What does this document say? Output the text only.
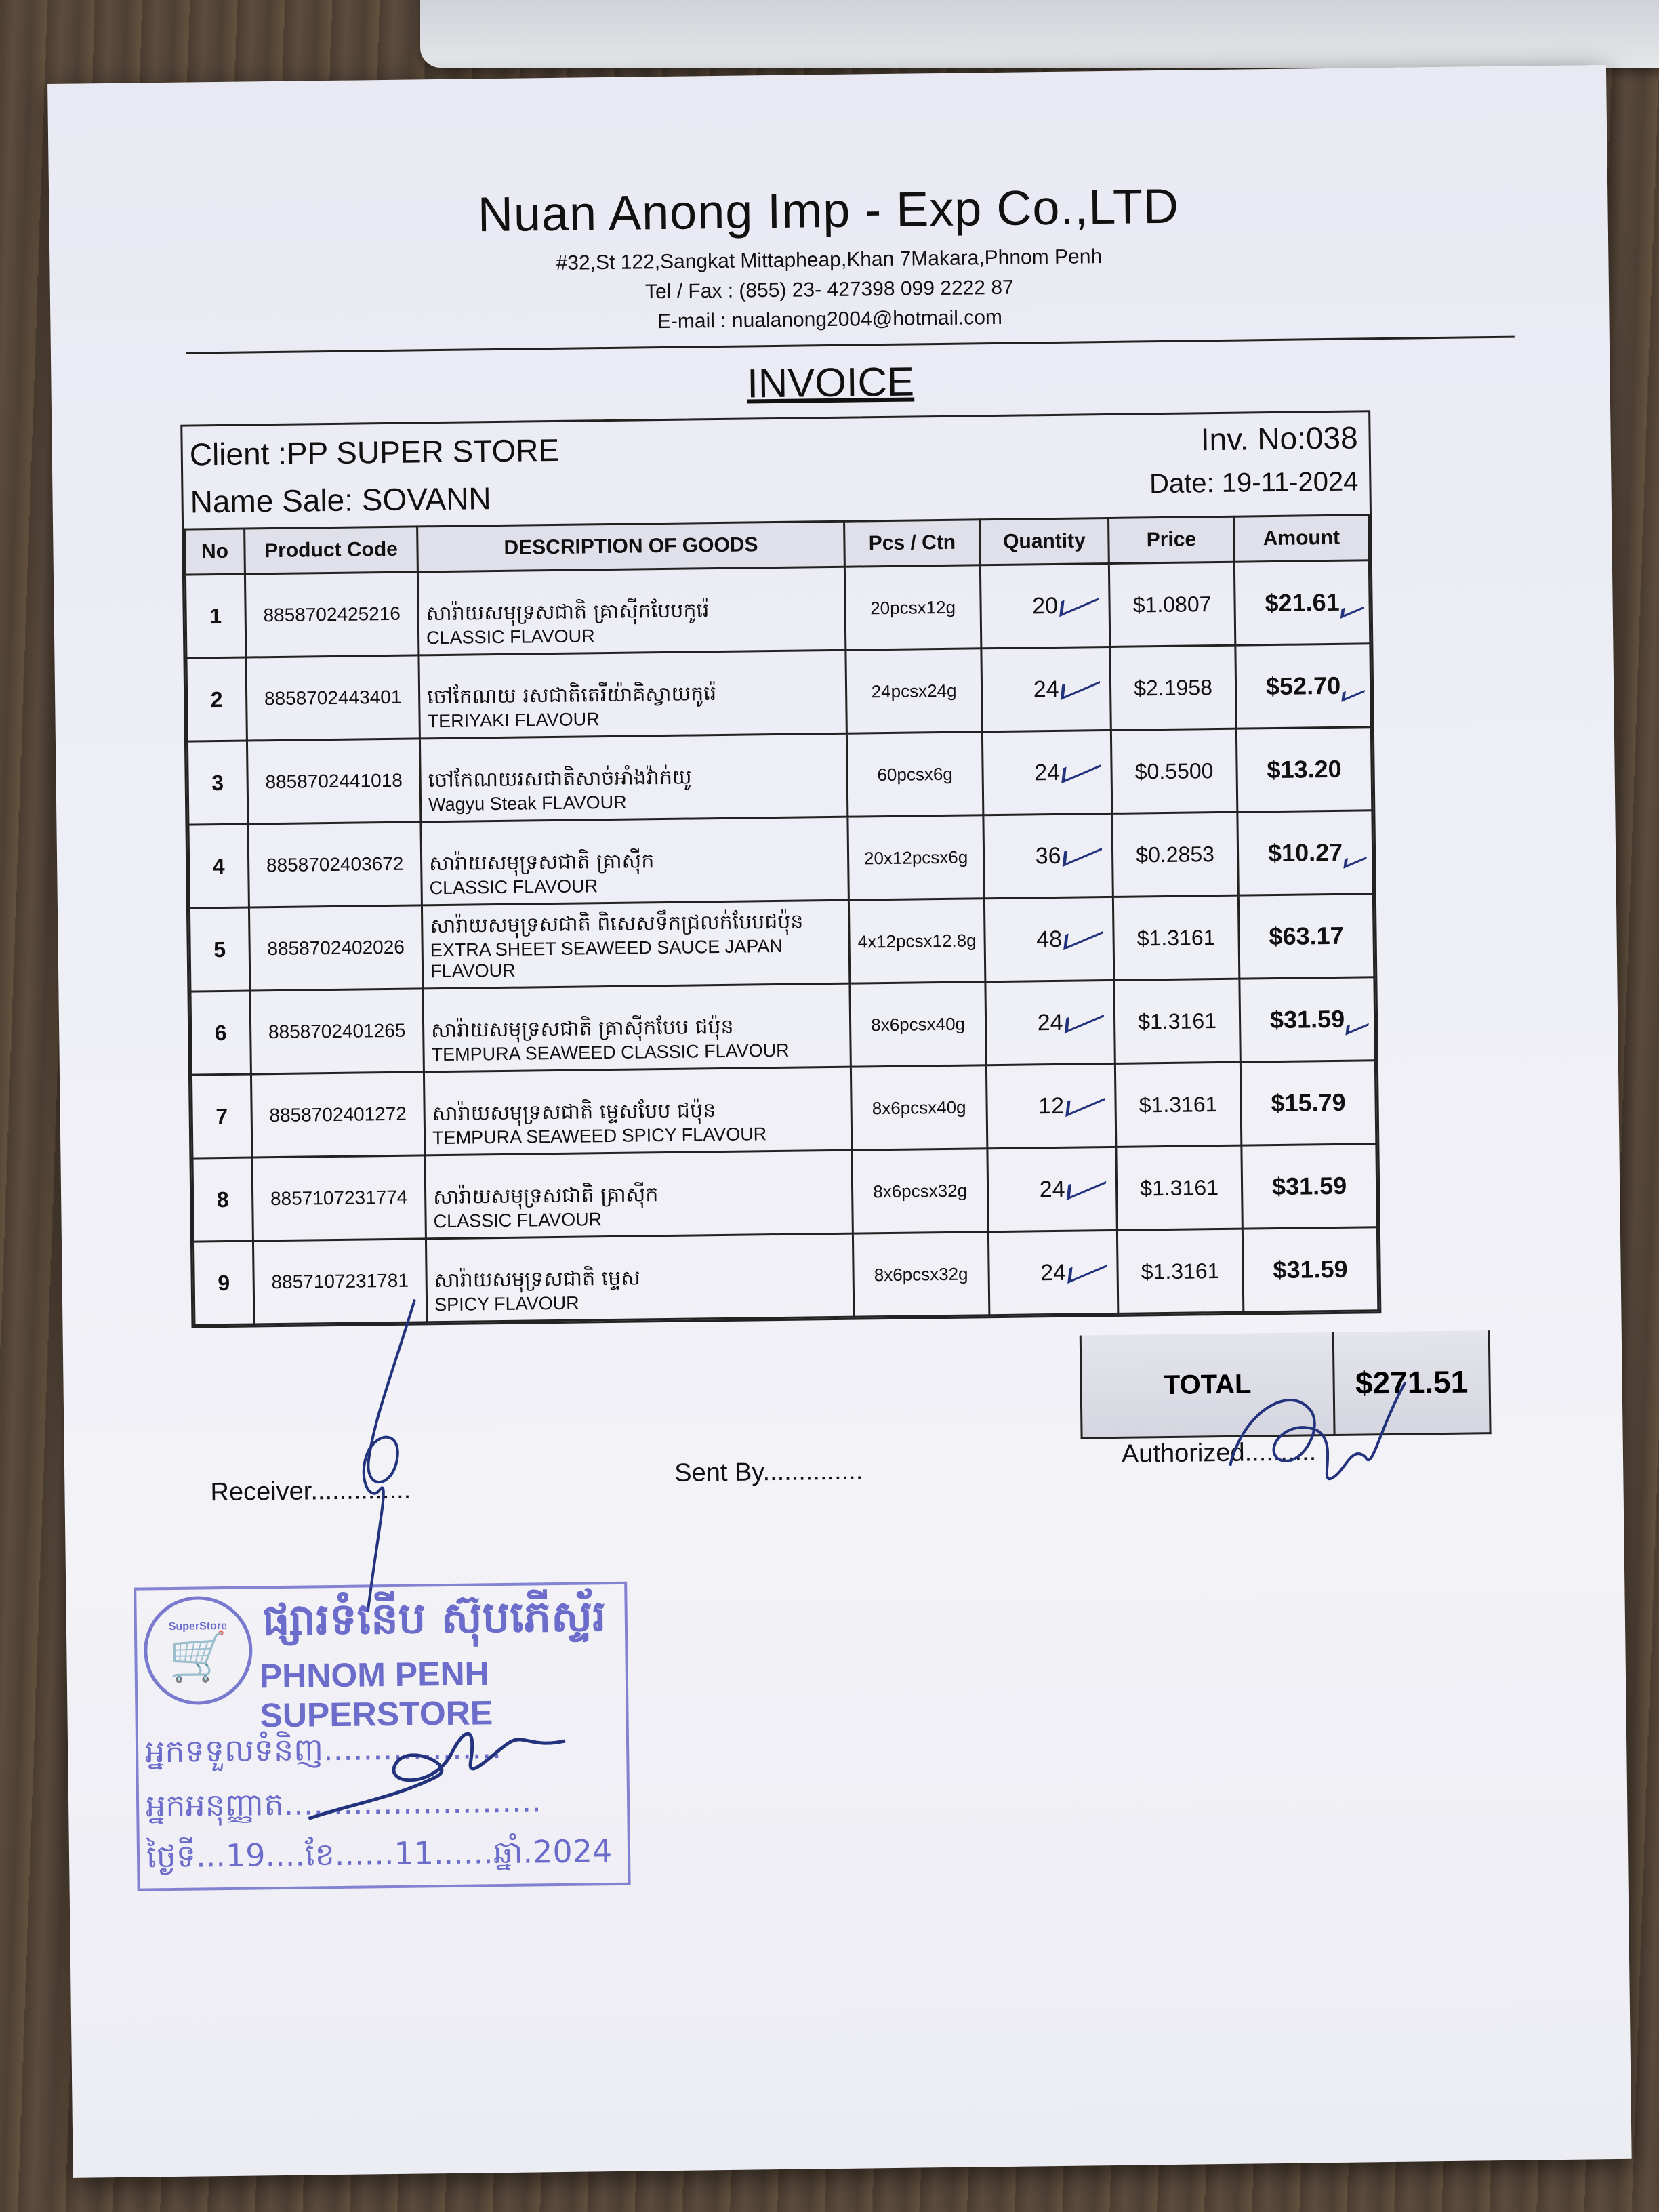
Nuan Anong Imp - Exp Co.,LTD
#32,St 122,Sangkat Mittapheap,Khan 7Makara,Phnom Penh
Tel / Fax : (855) 23- 427398 099 2222 87
E-mail : nualanong2004@hotmail.com
INVOICE
Client :PP SUPER STORE
Name Sale: SOVANN
Inv. No:038
Date: 19-11-2024
No	Product Code	DESCRIPTION OF GOODS	Pcs / Ctn	Quantity	Price	Amount
1	8858702425216	សារ៉ាយសមុទ្រសជាតិ គ្រាស៊ីកបែបកូរ៉េ
CLASSIC FLAVOUR	20pcsx12g	20	$1.0807	$21.61

2	8858702443401	ចៅកែណយ រសជាតិតេរីយ៉ាគិស្វាយកូរ៉េ
TERIYAKI FLAVOUR	24pcsx24g	24	$2.1958	$52.70

3	8858702441018	ចៅកែណយរសជាតិសាច់អាំងវ៉ាក់យូ
Wagyu Steak FLAVOUR	60pcsx6g	24	$0.5500	$13.20
4	8858702403672	សារ៉ាយសមុទ្រសជាតិ គ្រាស៊ីក
CLASSIC FLAVOUR	20x12pcsx6g	36	$0.2853	$10.27

5	8858702402026	សារ៉ាយសមុទ្រសជាតិ ពិសេសទឹកជ្រលក់បែបជប៉ុន
EXTRA SHEET SEAWEED SAUCE JAPAN FLAVOUR	4x12pcsx12.8g	48	$1.3161	$63.17
6	8858702401265	សារ៉ាយសមុទ្រសជាតិ គ្រាស៊ីកបែប ជប៉ុន
TEMPURA SEAWEED CLASSIC FLAVOUR	8x6pcsx40g	24	$1.3161	$31.59

7	8858702401272	សារ៉ាយសមុទ្រសជាតិ ម្ទេសបែប ជប៉ុន
TEMPURA SEAWEED SPICY FLAVOUR	8x6pcsx40g	12	$1.3161	$15.79
8	8857107231774	សារ៉ាយសមុទ្រសជាតិ គ្រាស៊ីក
CLASSIC FLAVOUR	8x6pcsx32g	24	$1.3161	$31.59
9	8857107231781	សារ៉ាយសមុទ្រសជាតិ ម្ទេស
SPICY FLAVOUR	8x6pcsx32g	24	$1.3161	$31.59
TOTAL	$271.51
Receiver..............
Sent By..............
Authorized..........
SuperStore
🛒
ផ្សារទំនើប ស៊ុបភើស្ទ័រ
PHNOM PENH SUPERSTORE
អ្នកទទួលទំនិញ..................
អ្នកអនុញ្ញាត..........................
ថ្ងៃទី...19....ខែ......11......ឆ្នាំ.2024
